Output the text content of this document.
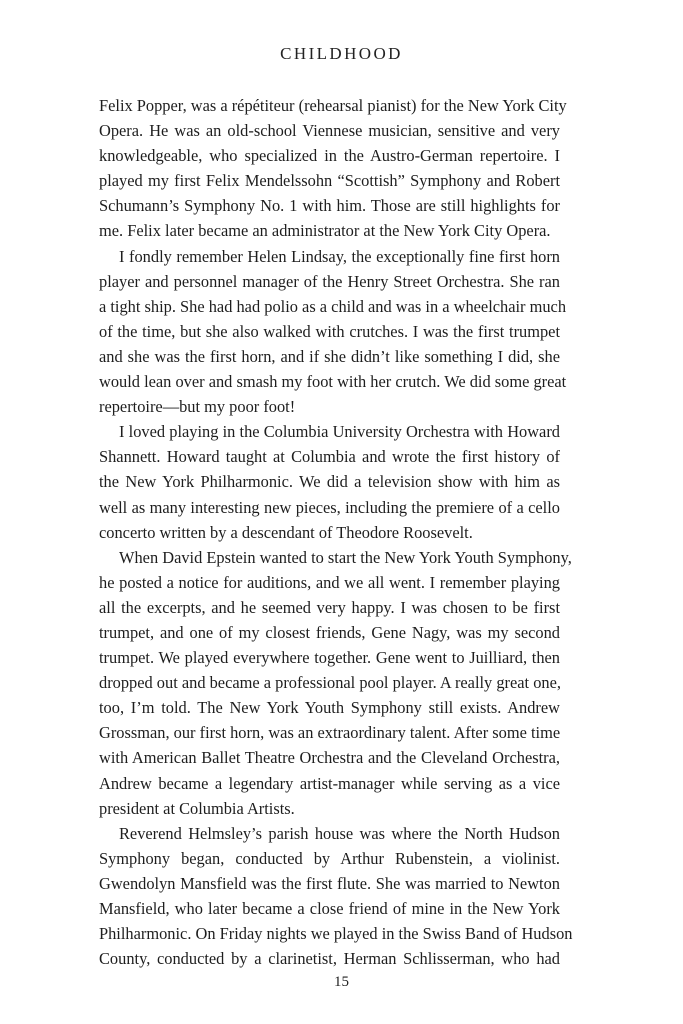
CHILDHOOD

Felix Popper, was a répétiteur (rehearsal pianist) for the New York City
Opera. He was an old-school Viennese musician, sensitive and very
knowledgeable, who specialized in the Austro-German repertoire. I
played my first Felix Mendelssohn “Scottish” Symphony and Robert
Schumann’s Symphony No. 1 with him. Those are still highlights for
me. Felix later became an administrator at the New York City Opera.

I fondly remember Helen Lindsay, the exceptionally fine first horn
player and personnel manager of the Henry Street Orchestra. She ran
a tight ship. She had had polio as a child and was in a wheelchair much
of the time, but she also walked with crutches. I was the first trumpet
and she was the first horn, and if she didn’t like something I did, she
would lean over and smash my foot with her crutch. We did some great
repertoire—but my poor foot!

I loved playing in the Columbia University Orchestra with Howard
Shannett. Howard taught at Columbia and wrote the first history of
the New York Philharmonic. We did a television show with him as
well as many interesting new pieces, including the premiere of a cello
concerto written by a descendant of Theodore Roosevelt.

When David Epstein wanted to start the New York Youth Symphony,
he posted a notice for auditions, and we all went. I remember playing
all the excerpts, and he seemed very happy. I was chosen to be first
trumpet, and one of my closest friends, Gene Nagy, was my second
trumpet. We played everywhere together. Gene went to Juilliard, then
dropped out and became a professional pool player. A really great one,
too, I’m told. The New York Youth Symphony still exists. Andrew
Grossman, our first horn, was an extraordinary talent. After some time
with American Ballet Theatre Orchestra and the Cleveland Orchestra,
Andrew became a legendary artist-manager while serving as a vice
president at Columbia Artists.

Reverend Helmsley’s parish house was where the North Hudson
Symphony began, conducted by Arthur Rubenstein, a violinist.
Gwendolyn Mansfield was the first flute. She was married to Newton
Mansfield, who later became a close friend of mine in the New York
Philharmonic. On Friday nights we played in the Swiss Band of Hudson
County, conducted by a clarinetist, Herman Schlisserman, who had

15
